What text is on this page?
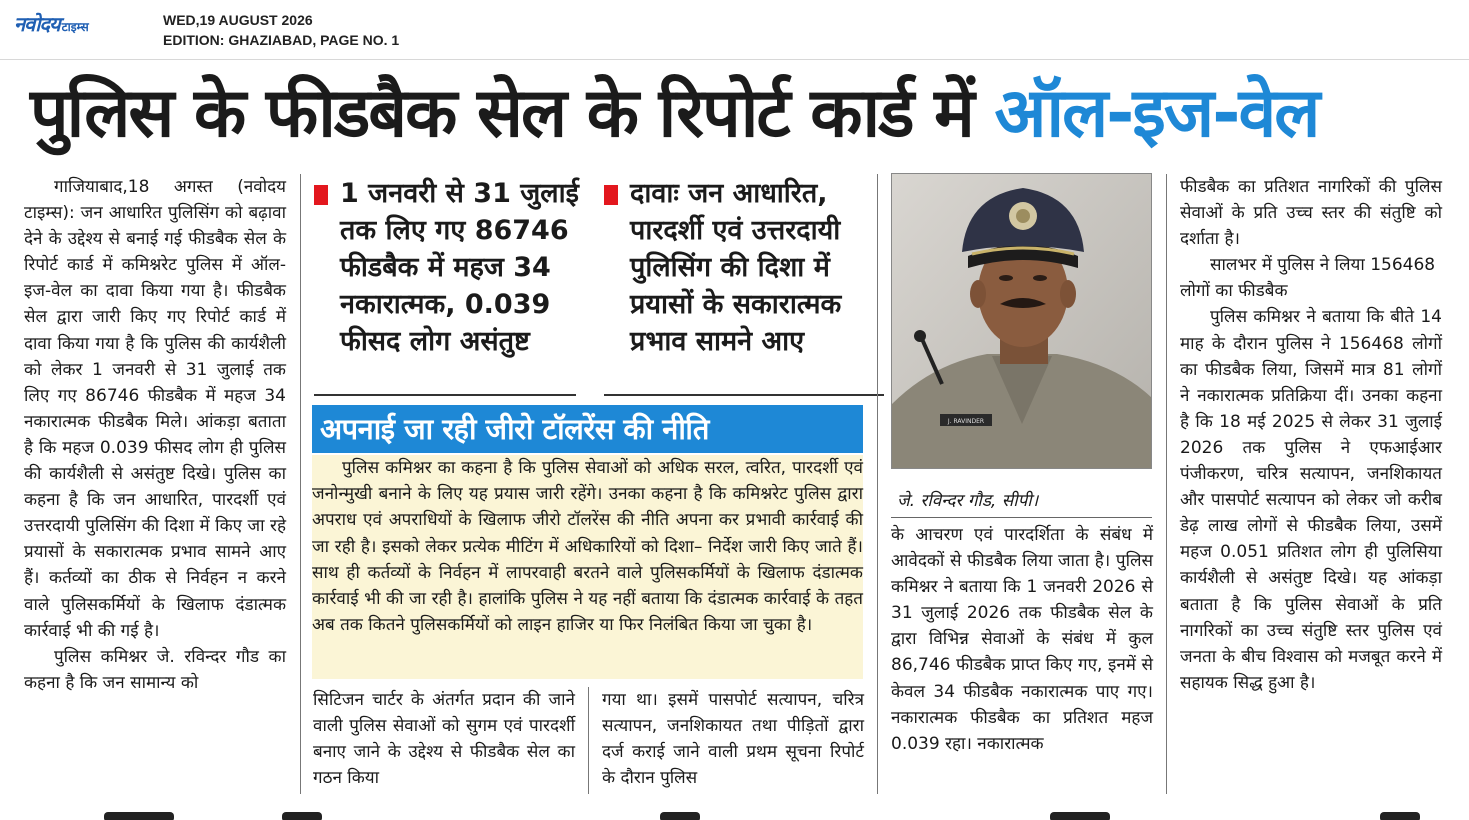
नवोदय टाइम्स	WED,19 AUGUST 2026
EDITION: GHAZIABAD, PAGE NO. 1
पुलिस के फीडबैक सेल के रिपोर्ट कार्ड में ऑल-इज-वेल

गाजियाबाद,18 अगस्त (नवोदय टाइम्स): जन आधारित पुलिसिंग को बढ़ावा देने के उद्देश्य से बनाई गई फीडबैक सेल के रिपोर्ट कार्ड में कमिश्नरेट पुलिस में ऑल-इज-वेल का दावा किया गया है। फीडबैक सेल द्वारा जारी किए गए रिपोर्ट कार्ड में दावा किया गया है कि पुलिस की कार्यशैली को लेकर 1 जनवरी से 31 जुलाई तक लिए गए 86746 फीडबैक में महज 34 नकारात्मक फीडबैक मिले। आंकड़ा बताता है कि महज 0.039 फीसद लोग ही पुलिस की कार्यशैली से असंतुष्ट दिखे। पुलिस का कहना है कि जन आधारित, पारदर्शी एवं उत्तरदायी पुलिसिंग की दिशा में किए जा रहे प्रयासों के सकारात्मक प्रभाव सामने आए हैं। कर्तव्यों का ठीक से निर्वहन न करने वाले पुलिसकर्मियों के खिलाफ दंडात्मक कार्रवाई भी की गई है।

पुलिस कमिश्नर जे. रविन्दर गौड का कहना है कि जन सामान्य को

1 जनवरी से 31 जुलाई तक लिए गए 86746 फीडबैक में महज 34 नकारात्मक, 0.039 फीसद लोग असंतुष्ट
दावाः जन आधारित, पारदर्शी एवं उत्तरदायी पुलिसिंग की दिशा में प्रयासों के सकारात्मक प्रभाव सामने आए
अपनाई जा रही जीरो टॉलरेंस की नीति

पुलिस कमिश्नर का कहना है कि पुलिस सेवाओं को अधिक सरल, त्वरित, पारदर्शी एवं जनोन्मुखी बनाने के लिए यह प्रयास जारी रहेंगे। उनका कहना है कि कमिश्नरेट पुलिस द्वारा अपराध एवं अपराधियों के खिलाफ जीरो टॉलरेंस की नीति अपना कर प्रभावी कार्रवाई की जा रही है। इसको लेकर प्रत्येक मीटिंग में अधिकारियों को दिशा– निर्देश जारी किए जाते हैं। साथ ही कर्तव्यों के निर्वहन में लापरवाही बरतने वाले पुलिसकर्मियों के खिलाफ दंडात्मक कार्रवाई भी की जा रही है। हालांकि पुलिस ने यह नहीं बताया कि दंडात्मक कार्रवाई के तहत अब तक कितने पुलिसकर्मियों को लाइन हाजिर या फिर निलंबित किया जा चुका है।

सिटिजन चार्टर के अंतर्गत प्रदान की जाने वाली पुलिस सेवाओं को सुगम एवं पारदर्शी बनाए जाने के उद्देश्य से फीडबैक सेल का गठन किया

गया था। इसमें पासपोर्ट सत्यापन, चरित्र सत्यापन, जनशिकायत तथा पीड़ितों द्वारा दर्ज कराई जाने वाली प्रथम सूचना रिपोर्ट के दौरान पुलिस

J. RAVINDER
जे. रविन्दर गौड, सीपी।

के आचरण एवं पारदर्शिता के संबंध में आवेदकों से फीडबैक लिया जाता है। पुलिस कमिश्नर ने बताया कि 1 जनवरी 2026 से 31 जुलाई 2026 तक फीडबैक सेल के द्वारा विभिन्न सेवाओं के संबंध में कुल 86,746 फीडबैक प्राप्त किए गए, इनमें से केवल 34 फीडबैक नकारात्मक पाए गए। नकारात्मक फीडबैक का प्रतिशत महज 0.039 रहा। नकारात्मक

फीडबैक का प्रतिशत नागरिकों की पुलिस सेवाओं के प्रति उच्च स्तर की संतुष्टि को दर्शाता है।

सालभर में पुलिस ने लिया 156468 लोगों का फीडबैक

पुलिस कमिश्नर ने बताया कि बीते 14 माह के दौरान पुलिस ने 156468 लोगों का फीडबैक लिया, जिसमें मात्र 81 लोगों ने नकारात्मक प्रतिक्रिया दीं। उनका कहना है कि 18 मई 2025 से लेकर 31 जुलाई 2026 तक पुलिस ने एफआईआर पंजीकरण, चरित्र सत्यापन, जनशिकायत और पासपोर्ट सत्यापन को लेकर जो करीब डेढ़ लाख लोगों से फीडबैक लिया, उसमें महज 0.051 प्रतिशत लोग ही पुलिसिया कार्यशैली से असंतुष्ट दिखे। यह आंकड़ा बताता है कि पुलिस सेवाओं के प्रति नागरिकों का उच्च संतुष्टि स्तर पुलिस एवं जनता के बीच विश्वास को मजबूत करने में सहायक सिद्ध हुआ है।
